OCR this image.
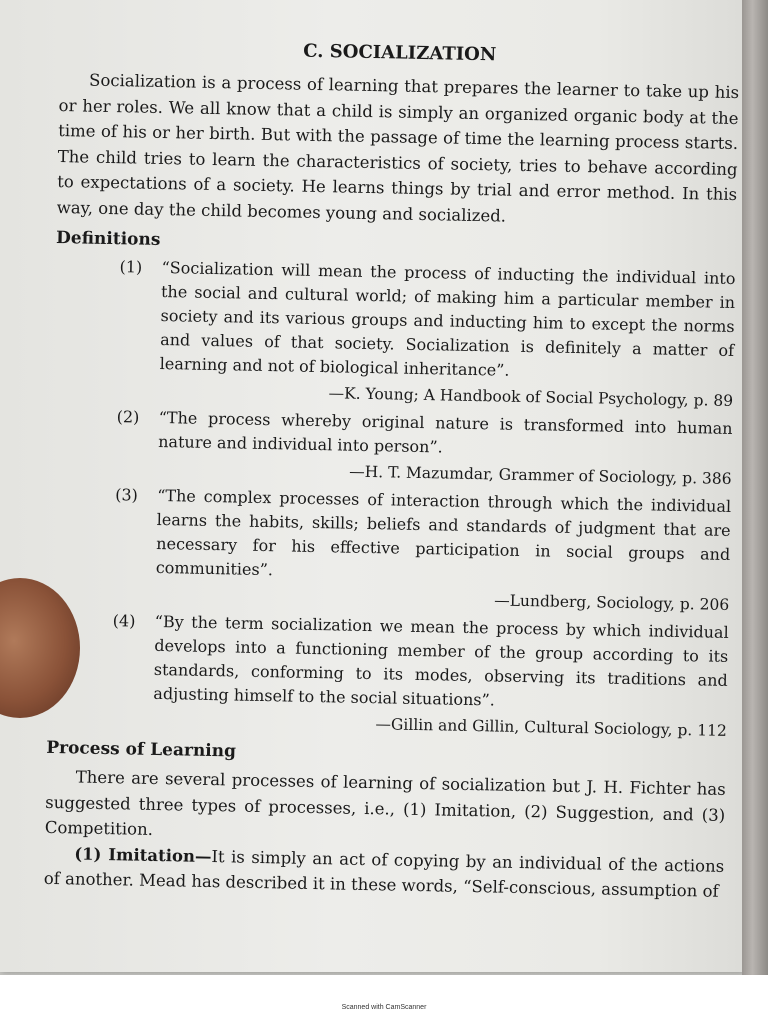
C. SOCIALIZATION

Socialization is a process of learning that prepares the learner to take up his or her roles. We all know that a child is simply an organized organic body at the time of his or her birth. But with the passage of time the learning process starts. The child tries to learn the characteristics of society, tries to behave according to expectations of a society. He learns things by trial and error method. In this way, one day the child becomes young and socialized.

Definitions

(1) “Socialization will mean the process of inducting the individual into the social and cultural world; of making him a particular member in society and its various groups and inducting him to except the norms and values of that society. Socialization is definitely a matter of learning and not of biological inheritance”.

—K. Young; A Handbook of Social Psychology, p. 89

(2) “The process whereby original nature is transformed into human nature and individual into person”.

—H. T. Mazumdar, Grammer of Sociology, p. 386

(3) “The complex processes of interaction through which the individual learns the habits, skills; beliefs and standards of judgment that are necessary for his effective participation in social groups and communities”.

—Lundberg, Sociology, p. 206

(4) “By the term socialization we mean the process by which individual develops into a functioning member of the group according to its standards, conforming to its modes, observing its traditions and adjusting himself to the social situations”.

—Gillin and Gillin, Cultural Sociology, p. 112

Process of Learning

There are several processes of learning of socialization but J. H. Fichter has suggested three types of processes, i.e., (1) Imitation, (2) Suggestion, and (3) Competition.

(1) Imitation—It is simply an act of copying by an individual of the actions of another. Mead has described it in these words, “Self-conscious, assumption of

Scanned with CamScanner
